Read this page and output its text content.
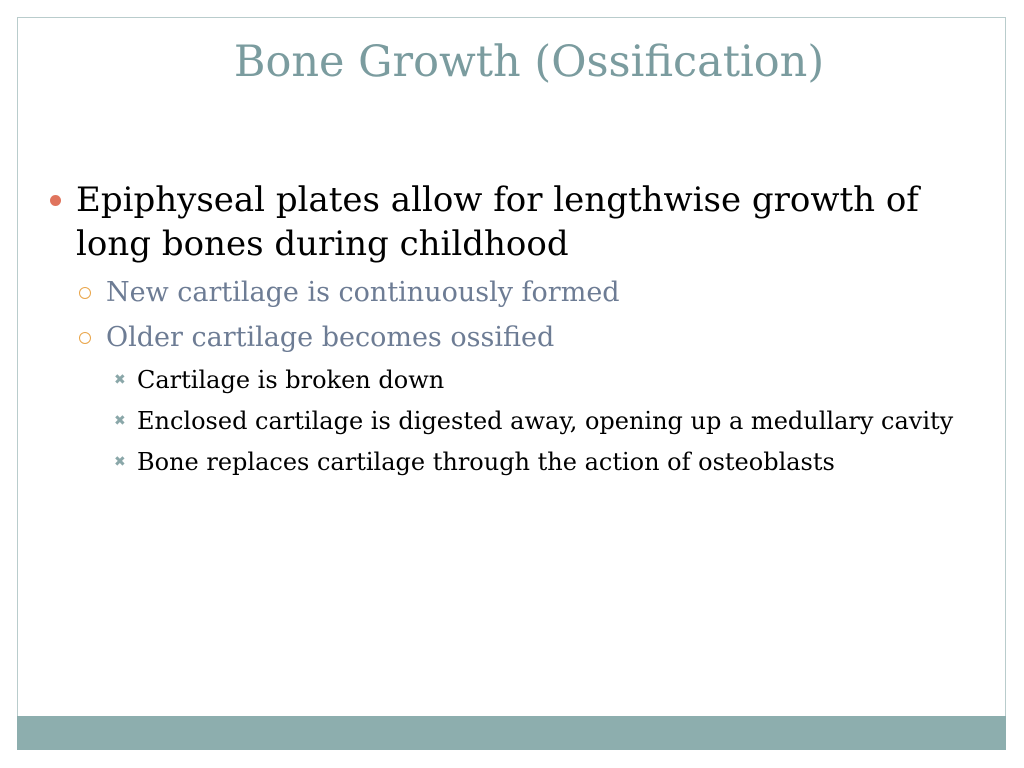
Bone Growth (Ossification)

Epiphyseal plates allow for lengthwise growth of long bones during childhood

New cartilage is continuously formed

Older cartilage becomes ossified

✖ Cartilage is broken down

✖ Enclosed cartilage is digested away, opening up a medullary cavity

✖ Bone replaces cartilage through the action of osteoblasts
